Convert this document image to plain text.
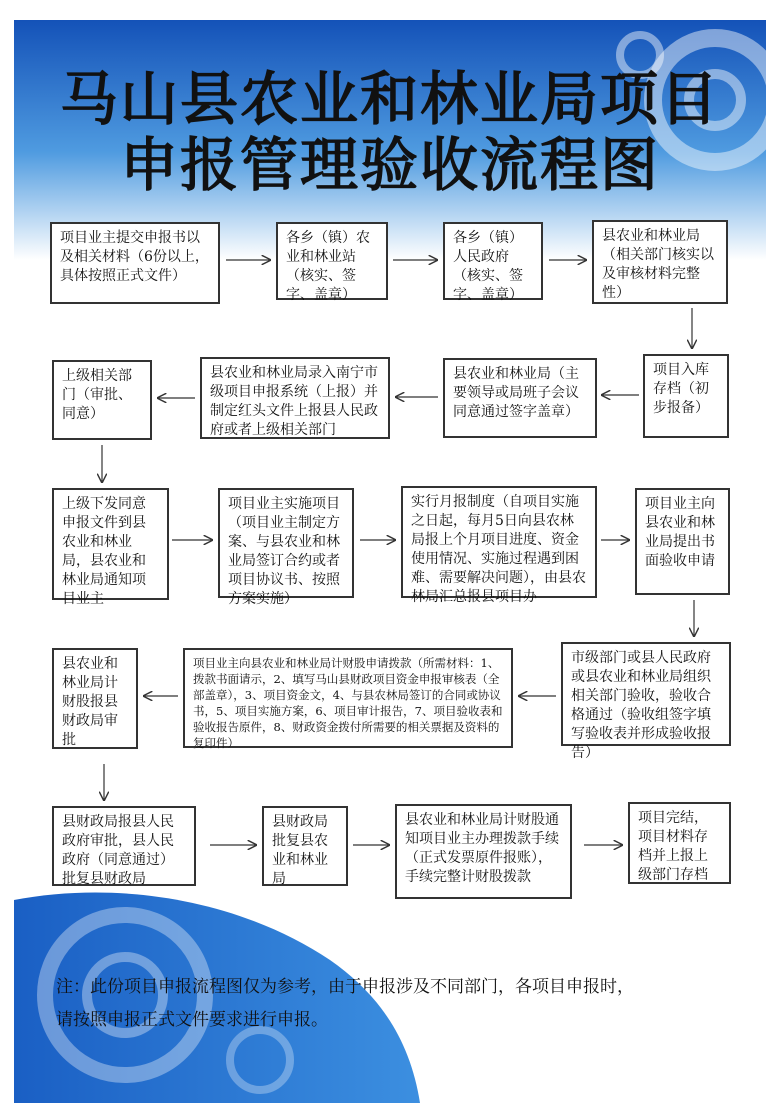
马山县农业和林业局项目
申报管理验收流程图
项目业主提交申报书以及相关材料（6份以上，具体按照正式文件）
各乡（镇）农业和林业站（核实、签字、盖章）
各乡（镇）人民政府（核实、签字、盖章）
县农业和林业局（相关部门核实以及审核材料完整性）
项目入库存档（初步报备）
县农业和林业局（主要领导或局班子会议同意通过签字盖章）
县农业和林业局录入南宁市级项目申报系统（上报）并制定红头文件上报县人民政府或者上级相关部门
上级相关部门（审批、同意）
上级下发同意申报文件到县农业和林业局，县农业和林业局通知项目业主
项目业主实施项目（项目业主制定方案、与县农业和林业局签订合约或者项目协议书、按照方案实施）
实行月报制度（自项目实施之日起，每月5日向县农林局报上个月项目进度、资金使用情况、实施过程遇到困难、需要解决问题），由县农林局汇总报县项目办
项目业主向县农业和林业局提出书面验收申请
市级部门或县人民政府或县农业和林业局组织相关部门验收，验收合格通过（验收组签字填写验收表并形成验收报告）
项目业主向县农业和林业局计财股申请拨款（所需材料：1、拨款书面请示，2、填写马山县财政项目资金申报审核表（全部盖章），3、项目资金文，4、与县农林局签订的合同或协议书，5、项目实施方案，6、项目审计报告，7、项目验收表和验收报告原件，8、财政资金拨付所需要的相关票据及资料的复印件）
县农业和林业局计财股报县财政局审批
县财政局报县人民政府审批，县人民政府（同意通过）批复县财政局
县财政局批复县农业和林业局
县农业和林业局计财股通知项目业主办理拨款手续（正式发票原件报账），手续完整计财股拨款
项目完结，项目材料存档并上报上级部门存档
注：此份项目申报流程图仅为参考，由于申报涉及不同部门，各项目申报时，
请按照申报正式文件要求进行申报。
